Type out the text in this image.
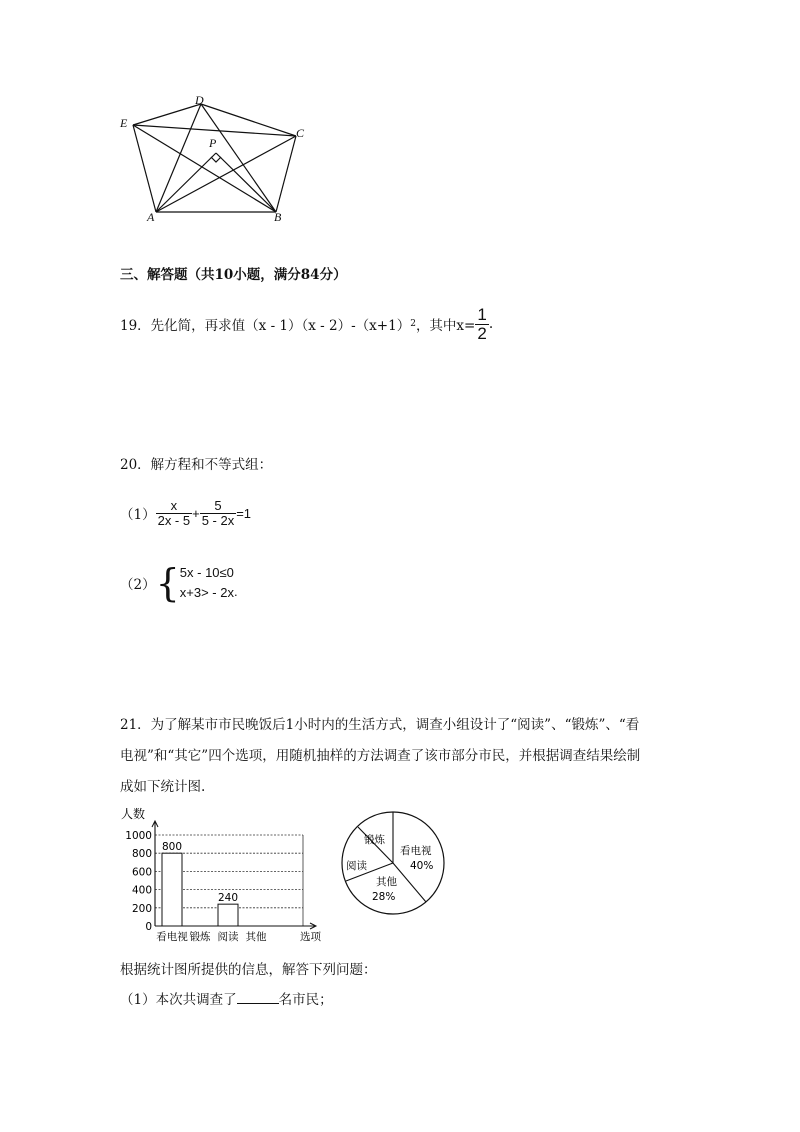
D
E
C
P
A	B
三、解答题（共10小题，满分84分）
19．先化简，再求值（x - 1）（x - 2）-（x+1） 2 ，其中$x= \frac{1}{2}$ .
20．解方程和不等式组：
$(1) \frac{x}{2x - 5} + \frac{5}{5 - 2x} =1$
（2） { 5x - 10≤0
x+3> - 2x .
21．为了解某市市民晚饭后1小时内的生活方式，调查小组设计了“阅读”、“锻炼”、“看
电视”和“其它”四个选项，用随机抽样的方法调查了该市部分市民，并根据调查结果绘制
成如下统计图.
人数
0
200
400
600
800
1000
800
240
看电视 锻炼 阅读 其他	选项
锻炼
看电视
40%
阅读
其他
28%
根据统计图所提供的信息，解答下列问题：
（1）本次共调查了	名市民；
